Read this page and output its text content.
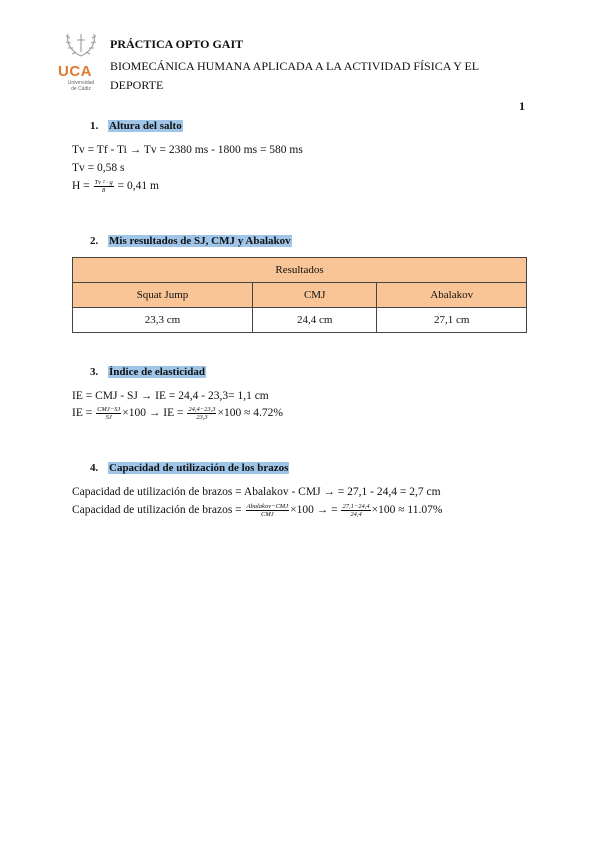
UCA
Universidad
de Cádiz
PRÁCTICA OPTO GAIT
BIOMECÁNICA HUMANA APLICADA A LA ACTIVIDAD FÍSICA Y EL DEPORTE
1
1. Altura del salto
Tv = Tf - Ti → Tv = 2380 ms - 1800 ms = 580 ms
Tv = 0,58 s
$H = \frac{\text{Tv ² · g}}{8} = 0,41$ m
2. Mis resultados de SJ, CMJ y Abalakov
Resultados		
Squat Jump	CMJ	Abalakov
23,3 cm	24,4 cm	27,1 cm
3. Índice de elasticidad
IE = CMJ - SJ → IE = 24,4 - 23,3= 1,1 cm
IE = $\frac{\text{CMJ−SJ}}{SJ} \times 100$ → IE = $\frac{24,4-23,3}{23,3} \times 100 \approx 4.72\%$
4. Capacidad de utilización de los brazos
Capacidad de utilización de brazos = Abalakov - CMJ → = 27,1 - 24,4 = 2,7 cm
Capacidad de utilización de brazos = $\frac{\text{Abalakov−CMJ}}{\text{CMJ}} \times 100$ → = $\frac{27,1-24,4}{24,4} \times 100 \approx 11.07\%$
